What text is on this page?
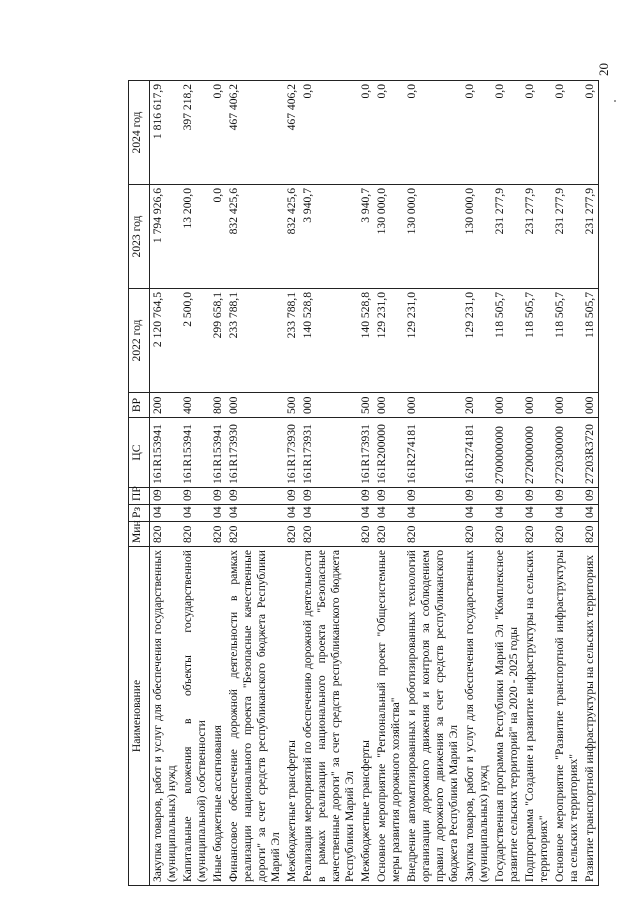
20
Наименование	Мин	Рз	ПР	ЦС	ВР	2022 год	2023 год	2024 год
Закупка товаров, работ и услуг для обеспечения государственных (муниципальных) нужд	820	04	09	161R153941	200	2 120 764,5	1 794 926,6	1 816 617,9
Капитальные вложения в объекты государственной (муниципальной) собственности	820	04	09	161R153941	400	2 500,0	13 200,0	397 218,2
Иные бюджетные ассигнования	820	04	09	161R153941	800	299 658,1	0,0	0,0
Финансовое обеспечение дорожной деятельности в рамках реализации национального проекта "Безопасные качественные дороги" за счет средств республиканского бюджета Республики Марий Эл	820	04	09	161R173930	000	233 788,1	832 425,6	467 406,2
Межбюджетные трансферты	820	04	09	161R173930	500	233 788,1	832 425,6	467 406,2
Реализация мероприятий по обеспечению дорожной деятельности в рамках реализации национального проекта "Безопасные качественные дороги" за счет средств республиканского бюджета Республики Марий Эл	820	04	09	161R173931	000	140 528,8	3 940,7	0,0
Межбюджетные трансферты	820	04	09	161R173931	500	140 528,8	3 940,7	0,0
Основное мероприятие "Региональный проект "Общесистемные меры развития дорожного хозяйства"	820	04	09	161R200000	000	129 231,0	130 000,0	0,0
Внедрение автоматизированных и роботизированных технологий организации дорожного движения и контроля за соблюдением правил дорожного движения за счет средств республиканского бюджета Республики Марий Эл	820	04	09	161R274181	000	129 231,0	130 000,0	0,0
Закупка товаров, работ и услуг для обеспечения государственных (муниципальных) нужд	820	04	09	161R274181	200	129 231,0	130 000,0	0,0
Государственная программа Республики Марий Эл "Комплексное развитие сельских территорий" на 2020 - 2025 годы	820	04	09	2700000000	000	118 505,7	231 277,9	0,0
Подпрограмма "Создание и развитие инфраструктуры на сельских территориях"	820	04	09	2720000000	000	118 505,7	231 277,9	0,0
Основное мероприятие "Развитие транспортной инфраструктуры на сельских территориях"	820	04	09	2720300000	000	118 505,7	231 277,9	0,0
Развитие транспортной инфраструктуры на сельских территориях	820	04	09	27203R3720	000	118 505,7	231 277,9	0,0
